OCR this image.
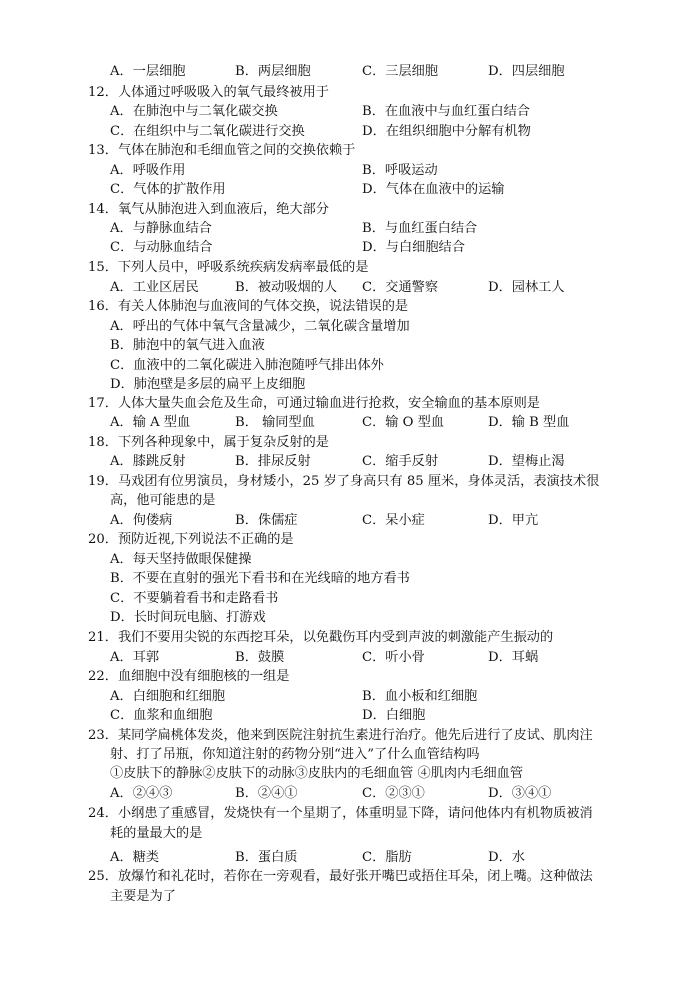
A．一层细胞	B．两层细胞	C．三层细胞	D．四层细胞
12．人体通过呼吸吸入的氧气最终被用于
A．在肺泡中与二氧化碳交换	B．在血液中与血红蛋白结合
C．在组织中与二氧化碳进行交换	D．在组织细胞中分解有机物
13．气体在肺泡和毛细血管之间的交换依赖于
A．呼吸作用	B．呼吸运动
C．气体的扩散作用	D．气体在血液中的运输
14．氧气从肺泡进入到血液后，绝大部分
A．与静脉血结合	B．与血红蛋白结合
C．与动脉血结合	D．与白细胞结合
15．下列人员中，呼吸系统疾病发病率最低的是
A．工业区居民	B．被动吸烟的人 C．交通警察	D．园林工人
16．有关人体肺泡与血液间的气体交换，说法错误的是
A．呼出的气体中氧气含量减少，二氧化碳含量增加
B．肺泡中的氧气进入血液
C．血液中的二氧化碳进入肺泡随呼气排出体外
D．肺泡壁是多层的扁平上皮细胞
17．人体大量失血会危及生命，可通过输血进行抢救，安全输血的基本原则是
A．输 A 型血	B． 输同型血	C．输 O 型血	D．输 B 型血
18．下列各种现象中，属于复杂反射的是
A．膝跳反射	B．排尿反射	C．缩手反射	D．望梅止渴
19．马戏团有位男演员，身材矮小，25 岁了身高只有 85 厘米，身体灵活，表演技术很
高，他可能患的是
A．佝偻病	B．侏儒症	C．呆小症	D．甲亢
20．预防近视,下列说法不正确的是
A．每天坚持做眼保健操
B．不要在直射的强光下看书和在光线暗的地方看书
C．不要躺着看书和走路看书
D．长时间玩电脑、打游戏
21．我们不要用尖锐的东西挖耳朵，以免戳伤耳内受到声波的刺激能产生振动的
A．耳郭	B．鼓膜	C．听小骨	D．耳蜗
22．血细胞中没有细胞核的一组是
A．白细胞和红细胞	B．血小板和红细胞
C．血浆和血细胞	D．白细胞
23．某同学扁桃体发炎，他来到医院注射抗生素进行治疗。他先后进行了皮试、肌肉注
射、打了吊瓶，你知道注射的药物分别“进入”了什么血管结构吗
①皮肤下的静脉②皮肤下的动脉③皮肤内的毛细血管 ④肌肉内毛细血管
A．②④③	B．②④①	C．②③①	D．③④①
24．小纲患了重感冒，发烧快有一个星期了，体重明显下降，请问他体内有机物质被消
耗的量最大的是
A．糖类	B．蛋白质	C．脂肪	D．水
25．放爆竹和礼花时，若你在一旁观看，最好张开嘴巴或捂住耳朵，闭上嘴。这种做法
主要是为了
